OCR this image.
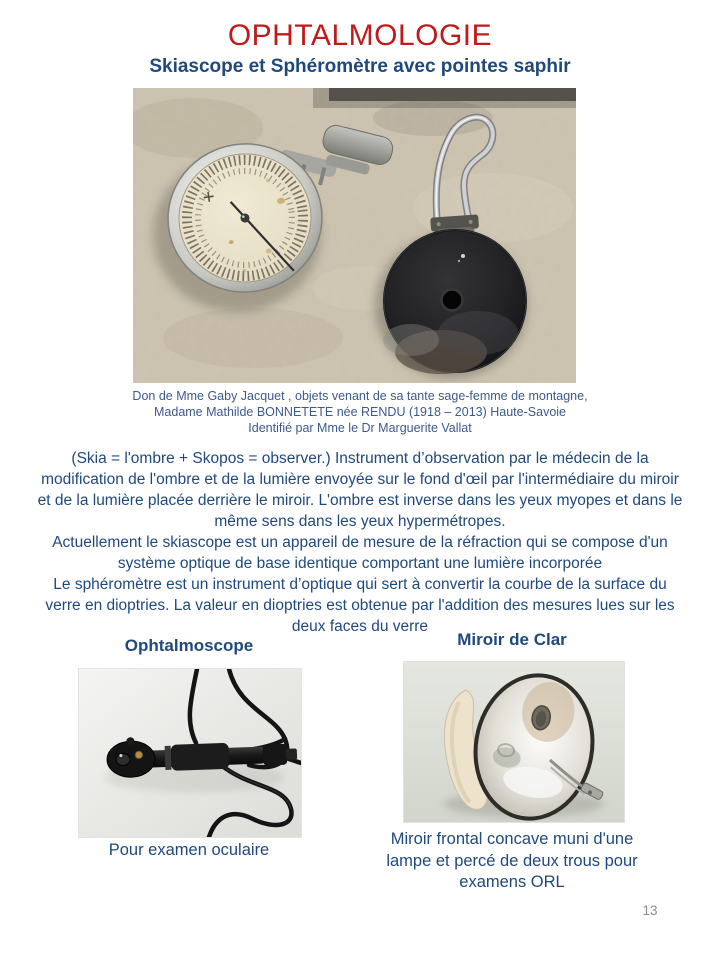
OPHTALMOLOGIE
Skiascope et Sphéromètre avec pointes saphir
Don de Mme Gaby Jacquet , objets venant de sa tante sage-femme de montagne,
Madame Mathilde BONNETETE née RENDU (1918 – 2013) Haute-Savoie
Identifié par Mme le Dr Marguerite Vallat

(Skia = l'ombre + Skopos = observer.) Instrument d’observation par le médecin de la modification de l'ombre et de la lumière envoyée sur le fond d'œil par l'intermédiaire du miroir et de la lumière placée derrière le miroir. L'ombre est inverse dans les yeux myopes et dans le même sens dans les yeux hypermétropes.

Actuellement le skiascope est un appareil de mesure de la réfraction qui se compose d'un système optique de base identique comportant une lumière incorporée

Le sphéromètre est un instrument d’optique qui sert à convertir la courbe de la surface du verre en dioptries. La valeur en dioptries est obtenue par l'addition des mesures lues sur les deux faces du verre

Ophtalmoscope
Pour examen oculaire
Miroir de Clar
Miroir frontal concave muni d'une lampe et percé de deux trous pour examens ORL
13
